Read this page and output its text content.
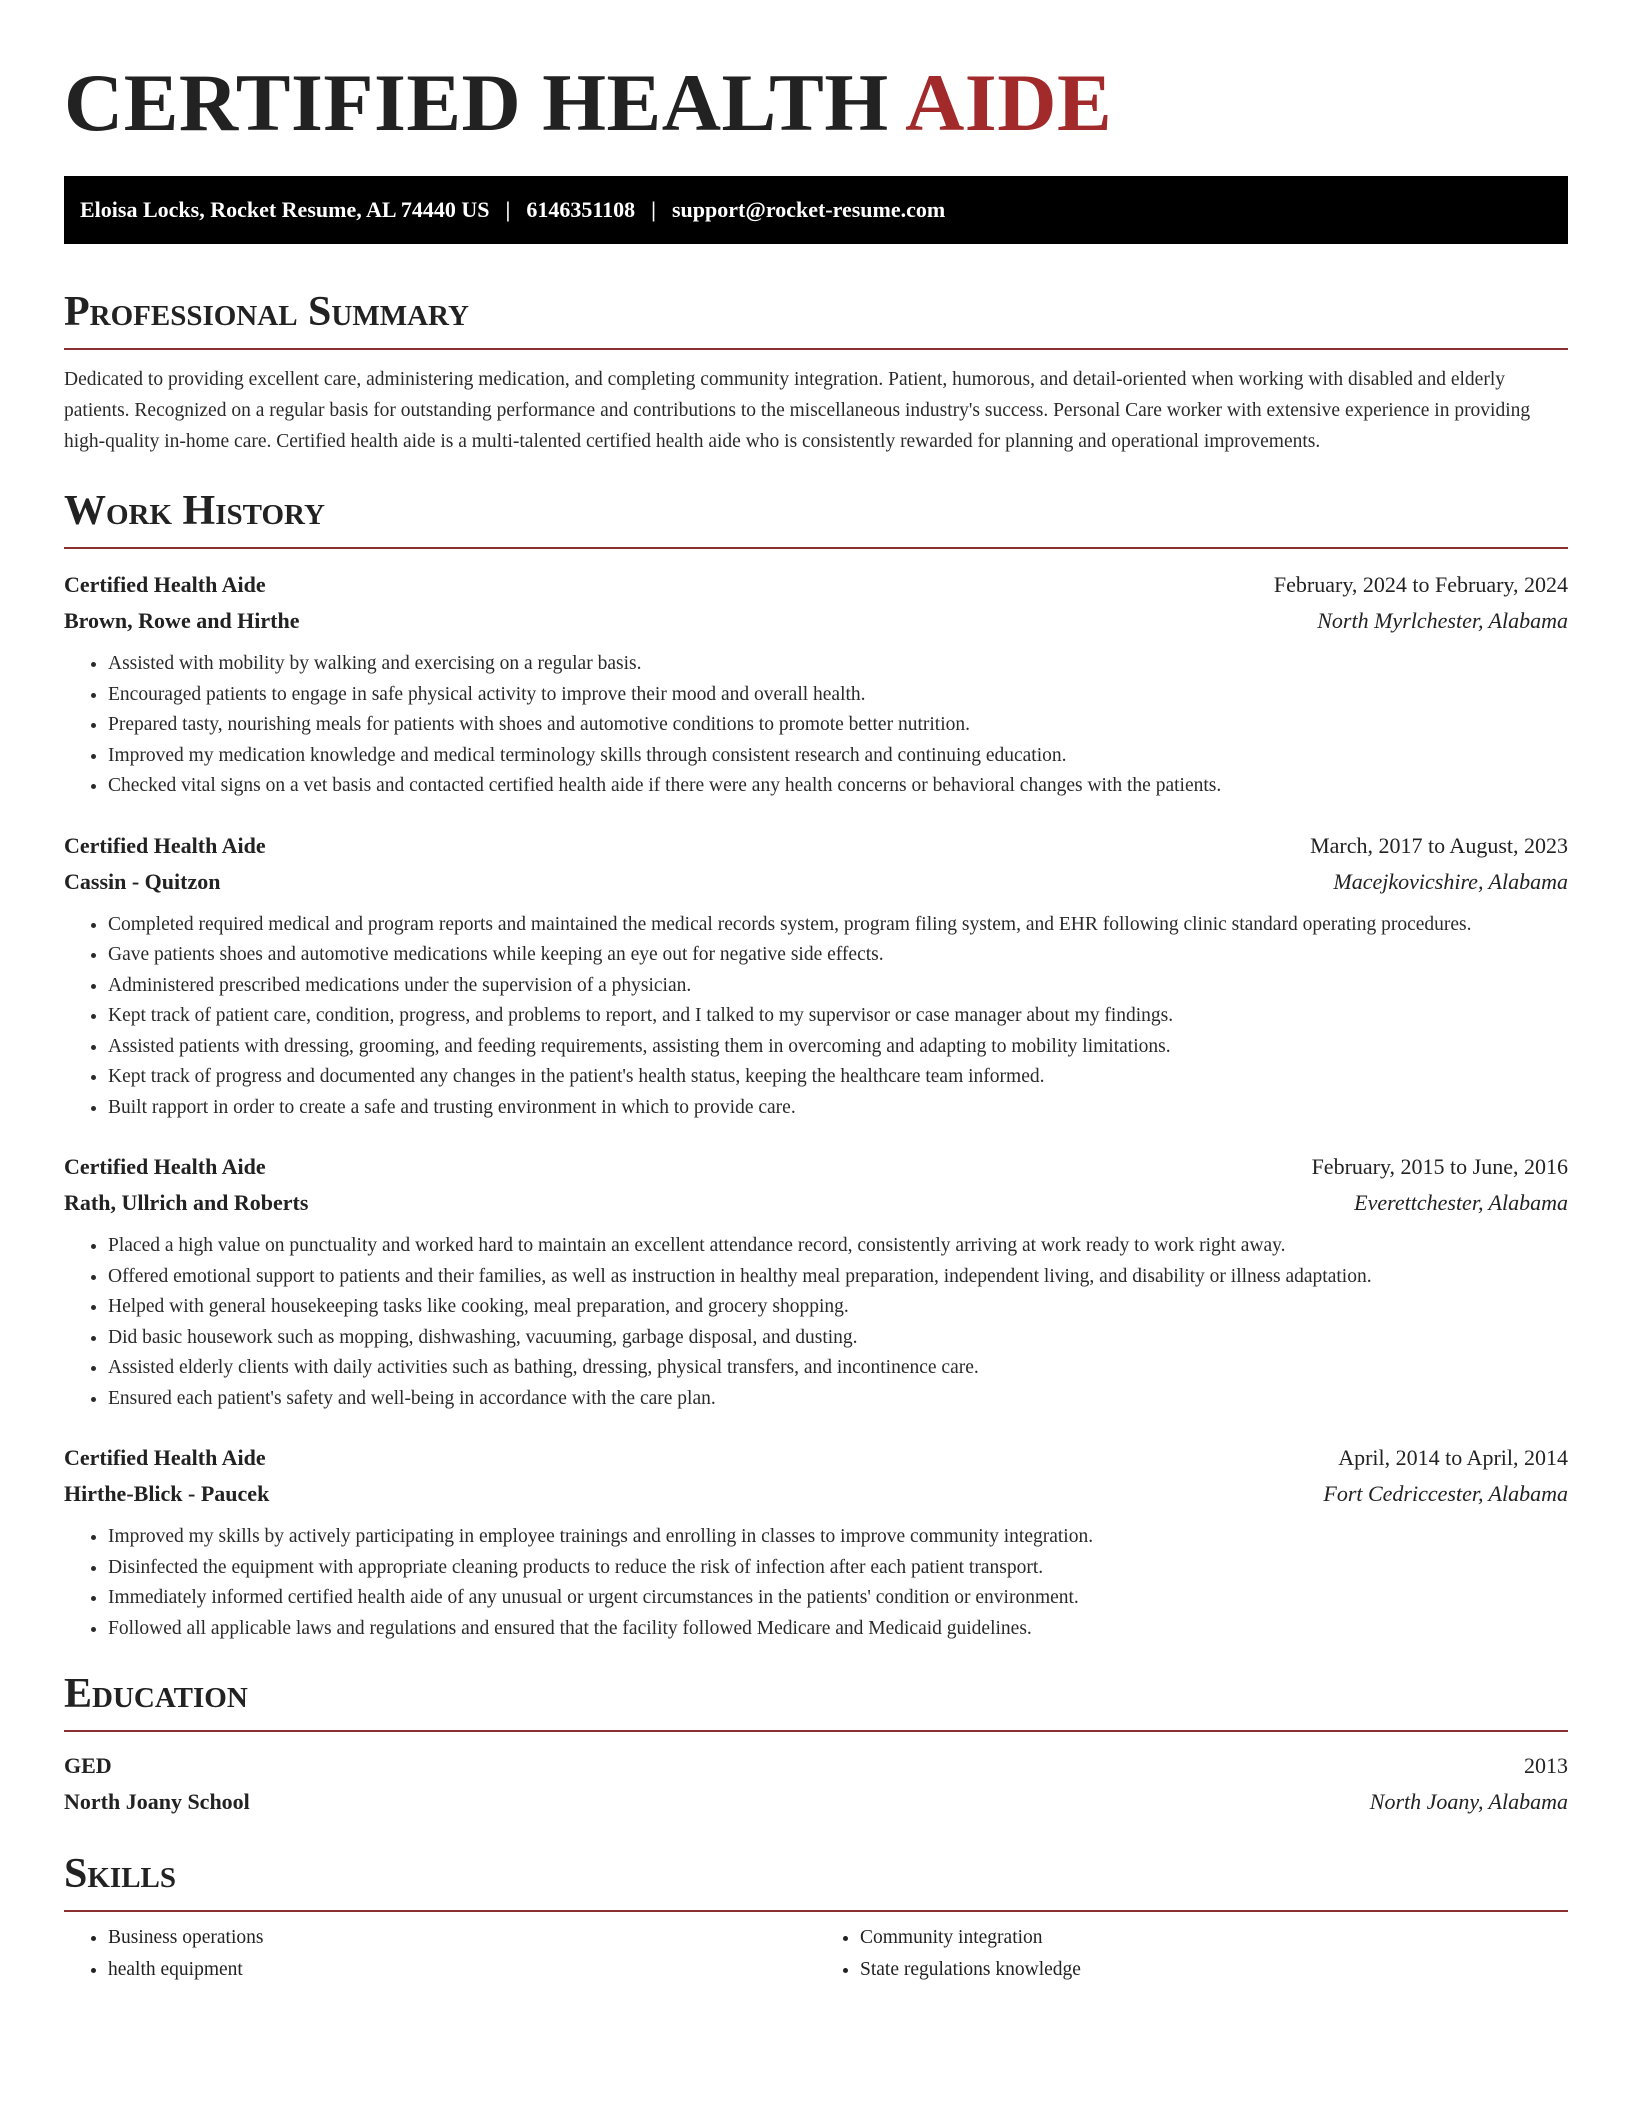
CERTIFIED HEALTH AIDE
Eloisa Locks, Rocket Resume, AL 74440 US | 6146351108 | support@rocket-resume.com
Professional Summary

Dedicated to providing excellent care, administering medication, and completing community integration. Patient, humorous, and detail-oriented when working with disabled and elderly patients. Recognized on a regular basis for outstanding performance and contributions to the miscellaneous industry's success. Personal Care worker with extensive experience in providing high-quality in-home care. Certified health aide is a multi-talented certified health aide who is consistently rewarded for planning and operational improvements.

Work History
Certified Health Aide	February, 2024 to February, 2024
Brown, Rowe and Hirthe	North Myrlchester, Alabama
• Assisted with mobility by walking and exercising on a regular basis.
• Encouraged patients to engage in safe physical activity to improve their mood and overall health.
• Prepared tasty, nourishing meals for patients with shoes and automotive conditions to promote better nutrition.
• Improved my medication knowledge and medical terminology skills through consistent research and continuing education.
• Checked vital signs on a vet basis and contacted certified health aide if there were any health concerns or behavioral changes with the patients.
Certified Health Aide	March, 2017 to August, 2023
Cassin - Quitzon	Macejkovicshire, Alabama
• Completed required medical and program reports and maintained the medical records system, program filing system, and EHR following clinic standard operating procedures.
• Gave patients shoes and automotive medications while keeping an eye out for negative side effects.
• Administered prescribed medications under the supervision of a physician.
• Kept track of patient care, condition, progress, and problems to report, and I talked to my supervisor or case manager about my findings.
• Assisted patients with dressing, grooming, and feeding requirements, assisting them in overcoming and adapting to mobility limitations.
• Kept track of progress and documented any changes in the patient's health status, keeping the healthcare team informed.
• Built rapport in order to create a safe and trusting environment in which to provide care.
Certified Health Aide	February, 2015 to June, 2016
Rath, Ullrich and Roberts	Everettchester, Alabama
• Placed a high value on punctuality and worked hard to maintain an excellent attendance record, consistently arriving at work ready to work right away.
• Offered emotional support to patients and their families, as well as instruction in healthy meal preparation, independent living, and disability or illness adaptation.
• Helped with general housekeeping tasks like cooking, meal preparation, and grocery shopping.
• Did basic housework such as mopping, dishwashing, vacuuming, garbage disposal, and dusting.
• Assisted elderly clients with daily activities such as bathing, dressing, physical transfers, and incontinence care.
• Ensured each patient's safety and well-being in accordance with the care plan.
Certified Health Aide	April, 2014 to April, 2014
Hirthe-Blick - Paucek	Fort Cedriccester, Alabama
• Improved my skills by actively participating in employee trainings and enrolling in classes to improve community integration.
• Disinfected the equipment with appropriate cleaning products to reduce the risk of infection after each patient transport.
• Immediately informed certified health aide of any unusual or urgent circumstances in the patients' condition or environment.
• Followed all applicable laws and regulations and ensured that the facility followed Medicare and Medicaid guidelines.
Education
GED	2013
North Joany School	North Joany, Alabama
Skills
• Business operations
• health equipment
• Community integration
• State regulations knowledge
